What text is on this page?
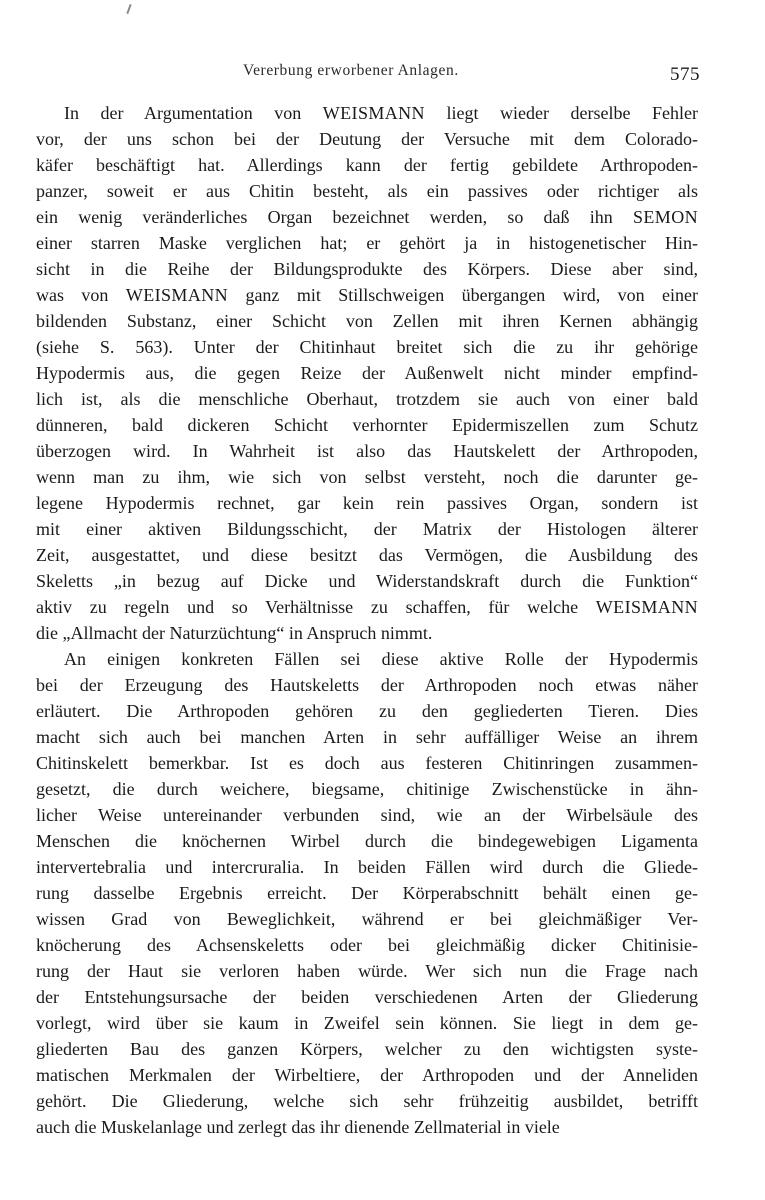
Vererbung erworbener Anlagen.	575
In der Argumentation von WEISMANN liegt wieder derselbe Fehler
vor, der uns schon bei der Deutung der Versuche mit dem Colorado-
käfer beschäftigt hat. Allerdings kann der fertig gebildete Arthropoden-
panzer, soweit er aus Chitin besteht, als ein passives oder richtiger als
ein wenig veränderliches Organ bezeichnet werden, so daß ihn SEMON
einer starren Maske verglichen hat; er gehört ja in histogenetischer Hin-
sicht in die Reihe der Bildungsprodukte des Körpers. Diese aber sind,
was von WEISMANN ganz mit Stillschweigen übergangen wird, von einer
bildenden Substanz, einer Schicht von Zellen mit ihren Kernen abhängig
(siehe S. 563). Unter der Chitinhaut breitet sich die zu ihr gehörige
Hypodermis aus, die gegen Reize der Außenwelt nicht minder empfind-
lich ist, als die menschliche Oberhaut, trotzdem sie auch von einer bald
dünneren, bald dickeren Schicht verhornter Epidermiszellen zum Schutz
überzogen wird. In Wahrheit ist also das Hautskelett der Arthropoden,
wenn man zu ihm, wie sich von selbst versteht, noch die darunter ge-
legene Hypodermis rechnet, gar kein rein passives Organ, sondern ist
mit einer aktiven Bildungsschicht, der Matrix der Histologen älterer
Zeit, ausgestattet, und diese besitzt das Vermögen, die Ausbildung des
Skeletts „in bezug auf Dicke und Widerstandskraft durch die Funktion“
aktiv zu regeln und so Verhältnisse zu schaffen, für welche WEISMANN
die „Allmacht der Naturzüchtung“ in Anspruch nimmt.
An einigen konkreten Fällen sei diese aktive Rolle der Hypodermis
bei der Erzeugung des Hautskeletts der Arthropoden noch etwas näher
erläutert. Die Arthropoden gehören zu den gegliederten Tieren. Dies
macht sich auch bei manchen Arten in sehr auffälliger Weise an ihrem
Chitinskelett bemerkbar. Ist es doch aus festeren Chitinringen zusammen-
gesetzt, die durch weichere, biegsame, chitinige Zwischenstücke in ähn-
licher Weise untereinander verbunden sind, wie an der Wirbelsäule des
Menschen die knöchernen Wirbel durch die bindegewebigen Ligamenta
intervertebralia und intercruralia. In beiden Fällen wird durch die Gliede-
rung dasselbe Ergebnis erreicht. Der Körperabschnitt behält einen ge-
wissen Grad von Beweglichkeit, während er bei gleichmäßiger Ver-
knöcherung des Achsenskeletts oder bei gleichmäßig dicker Chitinisie-
rung der Haut sie verloren haben würde. Wer sich nun die Frage nach
der Entstehungsursache der beiden verschiedenen Arten der Gliederung
vorlegt, wird über sie kaum in Zweifel sein können. Sie liegt in dem ge-
gliederten Bau des ganzen Körpers, welcher zu den wichtigsten syste-
matischen Merkmalen der Wirbeltiere, der Arthropoden und der Anneliden
gehört. Die Gliederung, welche sich sehr frühzeitig ausbildet, betrifft
auch die Muskelanlage und zerlegt das ihr dienende Zellmaterial in viele
